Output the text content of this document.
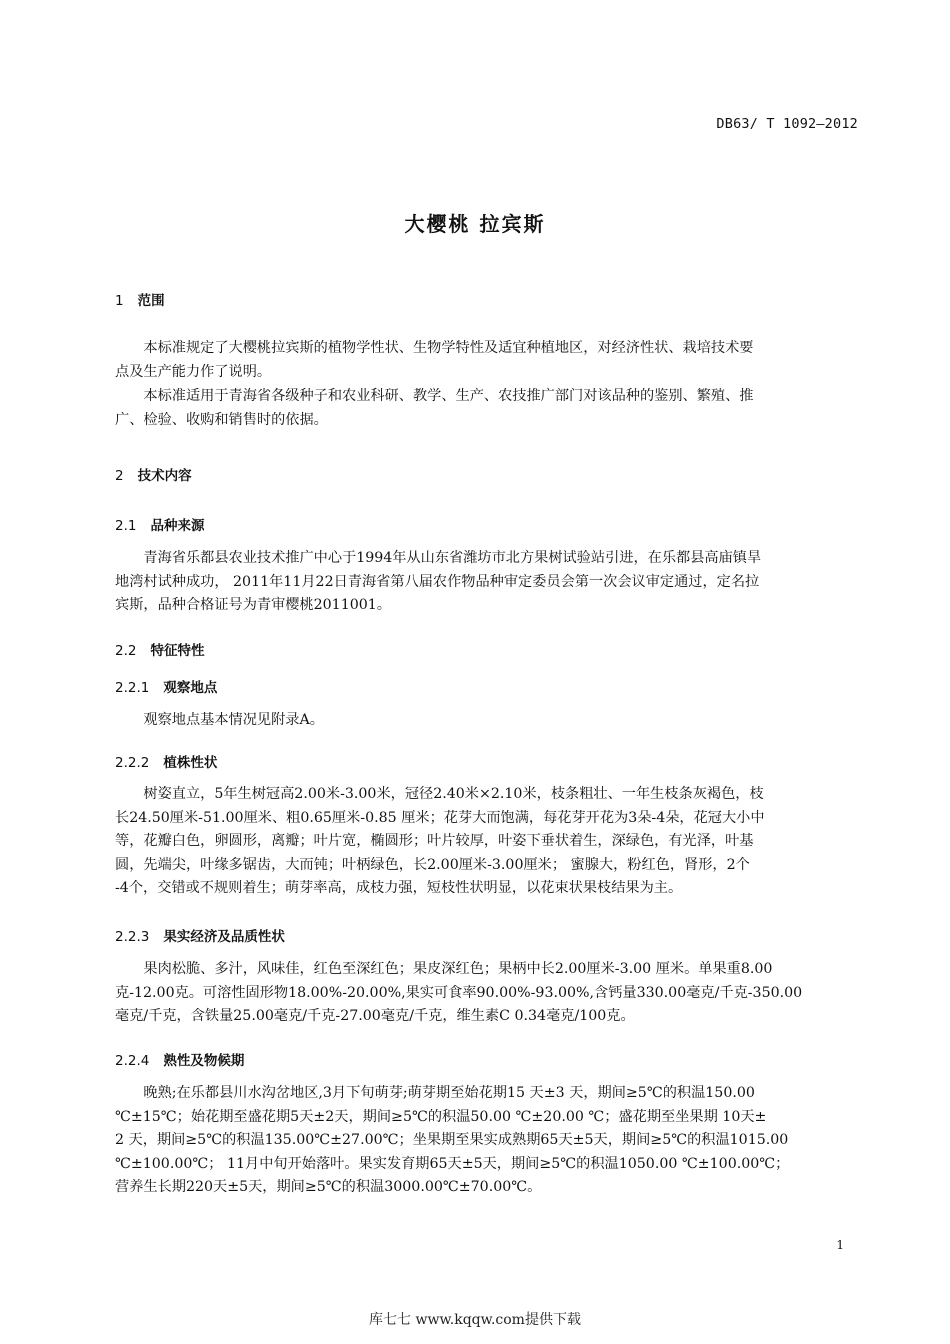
DB63/ T 1092—2012
大樱桃 拉宾斯
1 范围
本标准规定了大樱桃拉宾斯的植物学性状、生物学特性及适宜种植地区，对经济性状、栽培技术要
点及生产能力作了说明。
本标准适用于青海省各级种子和农业科研、教学、生产、农技推广部门对该品种的鉴别、繁殖、推
广、检验、收购和销售时的依据。
2 技术内容
2.1 品种来源
青海省乐都县农业技术推广中心于1994年从山东省潍坊市北方果树试验站引进，在乐都县高庙镇旱
地湾村试种成功， 2011年11月22日青海省第八届农作物品种审定委员会第一次会议审定通过，定名拉
宾斯，品种合格证号为青审樱桃2011001。
2.2 特征特性
2.2.1 观察地点
观察地点基本情况见附录A。
2.2.2 植株性状
树姿直立，5年生树冠高2.00米-3.00米，冠径2.40米×2.10米，枝条粗壮、一年生枝条灰褐色，枝
长24.50厘米-51.00厘米、粗0.65厘米-0.85 厘米；花芽大而饱满，每花芽开花为3朵-4朵，花冠大小中
等，花瓣白色，卵圆形，离瓣；叶片宽，椭圆形；叶片较厚，叶姿下垂状着生，深绿色，有光泽，叶基
圆，先端尖，叶缘多锯齿，大而钝；叶柄绿色，长2.00厘米-3.00厘米； 蜜腺大，粉红色，肾形，2个
-4个，交错或不规则着生；萌芽率高，成枝力强，短枝性状明显，以花束状果枝结果为主。
2.2.3 果实经济及品质性状
果肉松脆、多汁，风味佳，红色至深红色；果皮深红色；果柄中长2.00厘米-3.00 厘米。单果重8.00
克-12.00克。可溶性固形物18.00%-20.00%,果实可食率90.00%-93.00%,含钙量330.00毫克/千克-350.00
毫克/千克，含铁量25.00毫克/千克-27.00毫克/千克，维生素C 0.34毫克/100克。
2.2.4 熟性及物候期
晚熟;在乐都县川水沟岔地区,3月下旬萌芽;萌芽期至始花期15 天±3 天，期间≥5℃的积温150.00
℃±15℃；始花期至盛花期5天±2天，期间≥5℃的积温50.00 ℃±20.00 ℃；盛花期至坐果期 10天±
2 天，期间≥5℃的积温135.00℃±27.00℃；坐果期至果实成熟期65天±5天，期间≥5℃的积温1015.00
℃±100.00℃； 11月中旬开始落叶。果实发育期65天±5天，期间≥5℃的积温1050.00 ℃±100.00℃；
营养生长期220天±5天，期间≥5℃的积温3000.00℃±70.00℃。
1
库七七 www.kqqw.com提供下载
